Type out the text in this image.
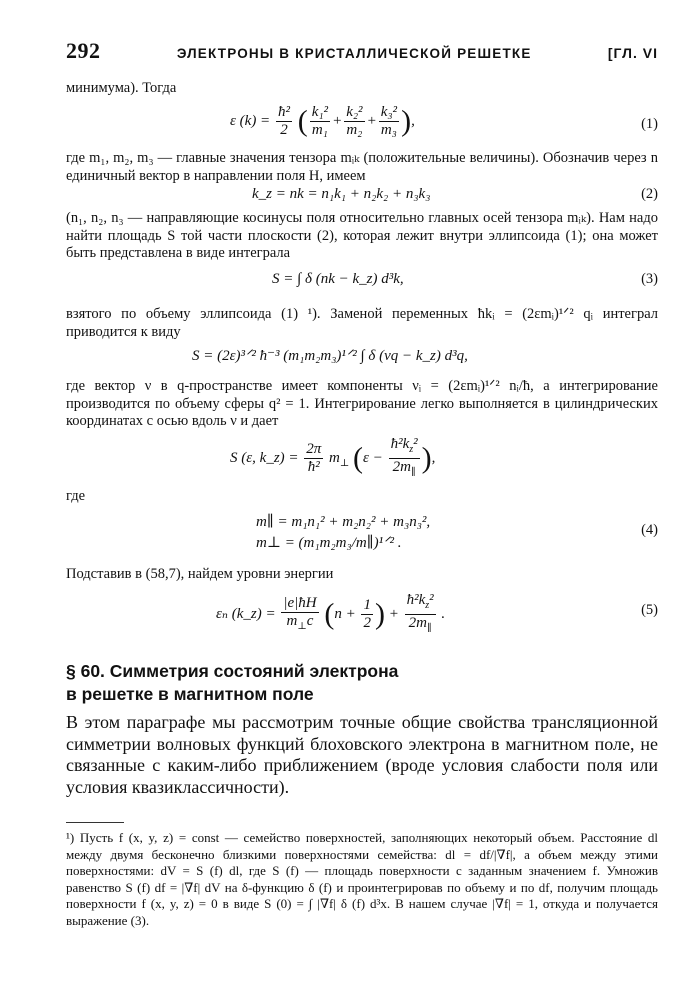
292	ЭЛЕКТРОНЫ В КРИСТАЛЛИЧЕСКОЙ РЕШЕТКЕ	[ГЛ. VI
минимума). Тогда
ε $(k) = \frac{\text{ħ²}}{2}$ ( $\frac{\text{k₁²}}{\text{m₁}} + \frac{\text{k₂²}}{\text{m₂}} + \frac{\text{k₃²}}{\text{m₃}}$ ),	(1)
где m₁, m₂, m₃ — главные значения тензора mᵢₖ (положительные величины). Обозначив через n единичный вектор в направлении поля H, имеем
k_z = nk = n₁k₁ + n₂k₂ + n₃k₃	(2)
(n₁, n₂, n₃ — направляющие косинусы поля относительно главных осей тензора mᵢₖ). Нам надо найти площадь S той части плоскости (2), которая лежит внутри эллипсоида (1); она может быть представлена в виде интеграла
S = ∫ δ (nk − k_z) d³k,	(3)
взятого по объему эллипсоида (1) ¹). Заменой переменных ħkᵢ = (2εmᵢ)¹ᐟ² qᵢ интеграл приводится к виду
S = (2ε)³ᐟ² ħ⁻³ (m₁m₂m₃)¹ᐟ² ∫ δ (νq − k_z) d³q,
где вектор ν в q-пространстве имеет компоненты νᵢ = (2εmᵢ)¹ᐟ² nᵢ/ħ, а интегрирование производится по объему сферы q² = 1. Интегрирование легко выполняется в цилиндрических координатах с осью вдоль ν и дает
S (ε, k_z) = $\frac{2\pi}{\text{ħ²}} m_\perp$ ($\varepsilon - \frac{ħ^2k_z^2}{2m_\parallel}$ ),
где
m∥ = m₁n₁² + m₂n₂² + m₃n₃²,
m⊥ = (m₁m₂m₃/m∥)¹ᐟ² .
(4)
Подставив в (58,7), найдем уровни энергии
εₙ (k_z) = $\frac{|e|ħH}{m_\perp c} (n + \frac{1}{2}$ ) + $\frac{ħ^2k_z^2}{2m_\parallel}$ .	(5)
§ 60. Симметрия состояний электрона
в решетке в магнитном поле
В этом параграфе мы рассмотрим точные общие свойства трансляционной симметрии волновых функций блоховского электрона в магнитном поле, не связанные с каким-либо приближением (вроде условия слабости поля или условия квазиклассичности).
¹) Пусть f (x, y, z) = const — семейство поверхностей, заполняющих некоторый объем. Расстояние dl между двумя бесконечно близкими поверхностями семейства: dl = df/|∇f|, а объем между этими поверхностями: dV = S (f) dl, где S (f) — площадь поверхности с заданным значением f. Умножив равенство S (f) df = |∇f| dV на δ-функцию δ (f) и проинтегрировав по объему и по df, получим площадь поверхности f (x, y, z) = 0 в виде S (0) = ∫ |∇f| δ (f) d³x. В нашем случае |∇f| = 1, откуда и получается выражение (3).
